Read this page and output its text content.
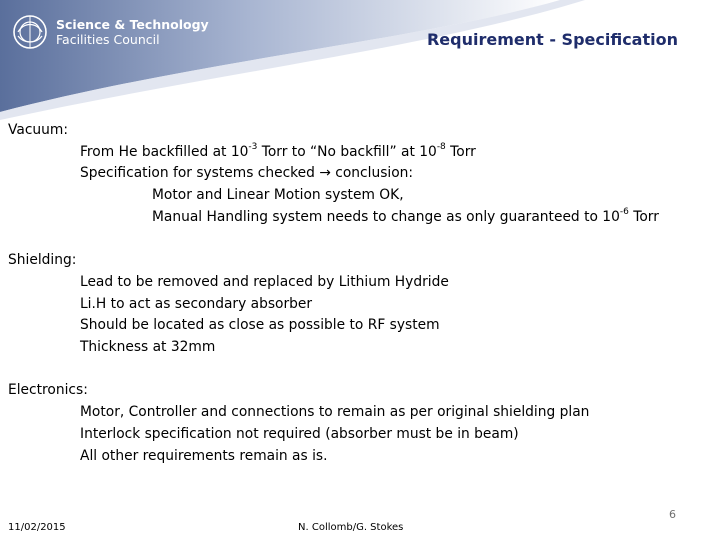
Science & Technology
Facilities Council	Requirement - Specification
Vacuum:
From He backfilled at $10^{-3}$ Torr to “No backfill” at $10^{-8}$ Torr
Specification for systems checked → conclusion:
Motor and Linear Motion system OK,
Manual Handling system needs to change as only guaranteed to $10^{-6}$ Torr
Shielding:
Lead to be removed and replaced by Lithium Hydride
Li.H to act as secondary absorber
Should be located as close as possible to RF system
Thickness at 32mm
Electronics:
Motor, Controller and connections to remain as per original shielding plan
Interlock specification not required (absorber must be in beam)
All other requirements remain as is.
11/02/2015	N. Collomb/G. Stokes
6
